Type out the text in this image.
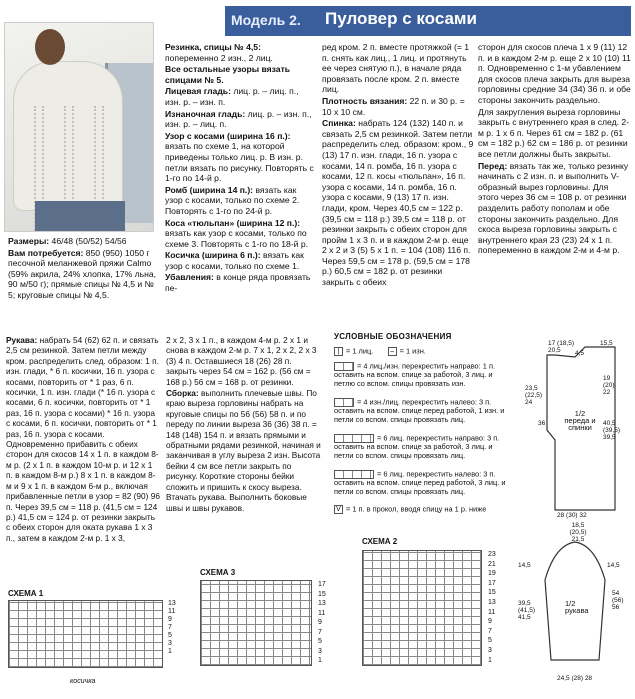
Модель 2. Пуловер с косами

Размеры: 46/48 (50/52) 54/56

Вам потребуется: 850 (950) 1050 г песочной меланжевой пряжи Calmo (59% акрила, 24% хлопка, 17% льна, 90 м/50 г); прямые спицы № 4,5 и № 5; круговые спицы № 4,5.

Резинка, спицы № 4,5: попеременно 2 изн., 2 лиц.

Все остальные узоры вязать спицами № 5.

Лицевая гладь: лиц. р. – лиц. п., изн. р. – изн. п.

Изнаночная гладь: лиц. р. – изн. п., изн. р. – лиц. п.

Узор с косами (ширина 16 п.): вязать по схеме 1, на которой приведены только лиц. р. В изн. р. петли вязать по рисунку. Повторять с 1-го по 14-й р.

Ромб (ширина 14 п.): вязать как узор с косами, только по схеме 2. Повторять с 1-го по 24-й р.

Коса «тюльпан» (ширина 12 п.): вязать как узор с косами, только по схеме 3. Повторять с 1-го по 18-й р.

Косичка (ширина 6 п.): вязать как узор с косами, только по схеме 1.

Убавления: в конце ряда провязать пе-

ред кром. 2 п. вместе протяжкой (= 1 п. снять как лиц., 1 лиц. и протянуть ее через снятую п.), в начале ряда провязать после кром. 2 п. вместе лиц.

Плотность вязания: 22 п. и 30 р. = 10 х 10 см.

Спинка: набрать 124 (132) 140 п. и связать 2,5 см резинкой. Затем петли распределить след. образом: кром., 9 (13) 17 п. изн. глади, 16 п. узора с косами, 14 п. ромба, 16 п. узора с косами, 12 п. косы «тюльпан», 16 п. узора с косами, 14 п. ромба, 16 п. узора с косами, 9 (13) 17 п. изн. глади, кром. Через 40,5 см = 122 р. (39,5 см = 118 р.) 39,5 см = 118 р. от резинки закрыть с обеих сторон для пройм 1 х 3 п. и в каждом 2-м р. еще 2 х 2 и 3 (5) 5 х 1 п. = 104 (108) 116 п. Через 59,5 см = 178 р. (59,5 см = 178 р.) 60,5 см = 182 р. от резинки закрыть с обеих

сторон для скосов плеча 1 х 9 (11) 12 п. и в каждом 2-м р. еще 2 х 10 (10) 11 п. Одновременно с 1-м убавлением для скосов плеча закрыть для выреза горловины средние 34 (34) 36 п. и обе стороны закончить раздельно.

Для закругления выреза горловины закрыть с внутреннего края в след. 2-м р. 1 х 6 п. Через 61 см = 182 р. (61 см = 182 р.) 62 см = 186 р. от резинки все петли должны быть закрыты.

Перед: вязать так же, только резинку начинать с 2 изн. п. и выполнить V-образный вырез горловины. Для этого через 36 см = 108 р. от резинки разделить работу пополам и обе стороны закончить раздельно. Для скоса выреза горловины закрыть с внутреннего края 23 (23) 24 х 1 п. попеременно в каждом 2-м и 4-м р.

Рукава: набрать 54 (62) 62 п. и связать 2,5 см резинкой. Затем петли между кром. распределить след. образом: 1 п. изн. глади, * 6 п. косички, 16 п. узора с косами, повторить от * 1 раз, 6 п. косички, 1 п. изн. глади (* 16 п. узора с косами, 6 п. косички, повторить от * 1 раз, 16 п. узора с косами) * 16 п. узора с косами, 6 п. косички, повторить от * 1 раз, 16 п. узора с косами. Одновременно прибавить с обеих сторон для скосов 14 х 1 п. в каждом 8-м р. (2 х 1 п. в каждом 10-м р. и 12 х 1 п. в каждом 8-м р.) 8 х 1 п. в каждом 8-м и 9 х 1 п. в каждом 6-м р., включая прибавленные петли в узор = 82 (90) 96 п. Через 39,5 см = 118 р. (41,5 см = 124 р.) 41,5 см = 124 р. от резинки закрыть с обеих сторон для окатa рукава 1 х 3 п., затем в каждом 2-м р. 1 х 3,

2 х 2, 3 х 1 п., в каждом 4-м р. 2 х 1 и снова в каждом 2-м р. 7 х 1, 2 х 2, 2 х 3 (3) 4 п. Оставшиеся 18 (26) 28 п. закрыть через 54 см = 162 р. (56 см = 168 р.) 56 см = 168 р. от резинки.

Сборка: выполнить плечевые швы. По краю выреза горловины набрать на круговые спицы по 56 (56) 58 п. и по переду по линии выреза 36 (36) 38 п. = 148 (148) 154 п. и вязать прямыми и обратными рядами резинкой, начиная и заканчивая в углу выреза 2 изн. Высота бейки 4 см все петли закрыть по рисунку. Короткие стороны бейки сложить и пришить к скосу выреза. Втачать рукава. Выполнить боковые швы и швы рукавов.

УСЛОВНЫЕ ОБОЗНАЧЕНИЯ
| = 1 лиц. – = 1 изн.
= 4 лиц./изн. перекрестить направо: 1 п. оставить на вспом. спице за работой, 3 лиц. и петлю со вспом. спицы провязать изн.
= 4 изн./лиц. перекрестить налево: 3 п. оставить на вспом. спице перед работой, 1 изн. и петли со вспом. спицы провязать лиц.
= 6 лиц. перекрестить направо: 3 п. оставить на вспом. спице за работой, 3 лиц. и петли со вспом. спицы провязать лиц.
= 6 лиц. перекрестить налево: 3 п. оставить на вспом. спице перед работой, 3 лиц. и петли со вспом. спицы провязать лиц.
V = 1 п. в прокол, вводя спицу на 1 р. ниже
СХЕМА 1
13
11
9
7
5
3
1
косичка
СХЕМА 3
17
15
13
11
9
7
5
3
1
СХЕМА 2
23
21
19
17
15
13
11
9
7
5
3
1
17 (18,5) 20,5	4,5
15,5
23,5 (22,5) 24
19 (20) 22
36	40,5 (39,5) 39,5
1/2 переда и спинки
28 (30) 32
18,5 (20,5) 21,5
14,5	14,5
39,5 (41,5) 41,5
54 (56) 56
1/2 рукава
24,5 (28) 28
